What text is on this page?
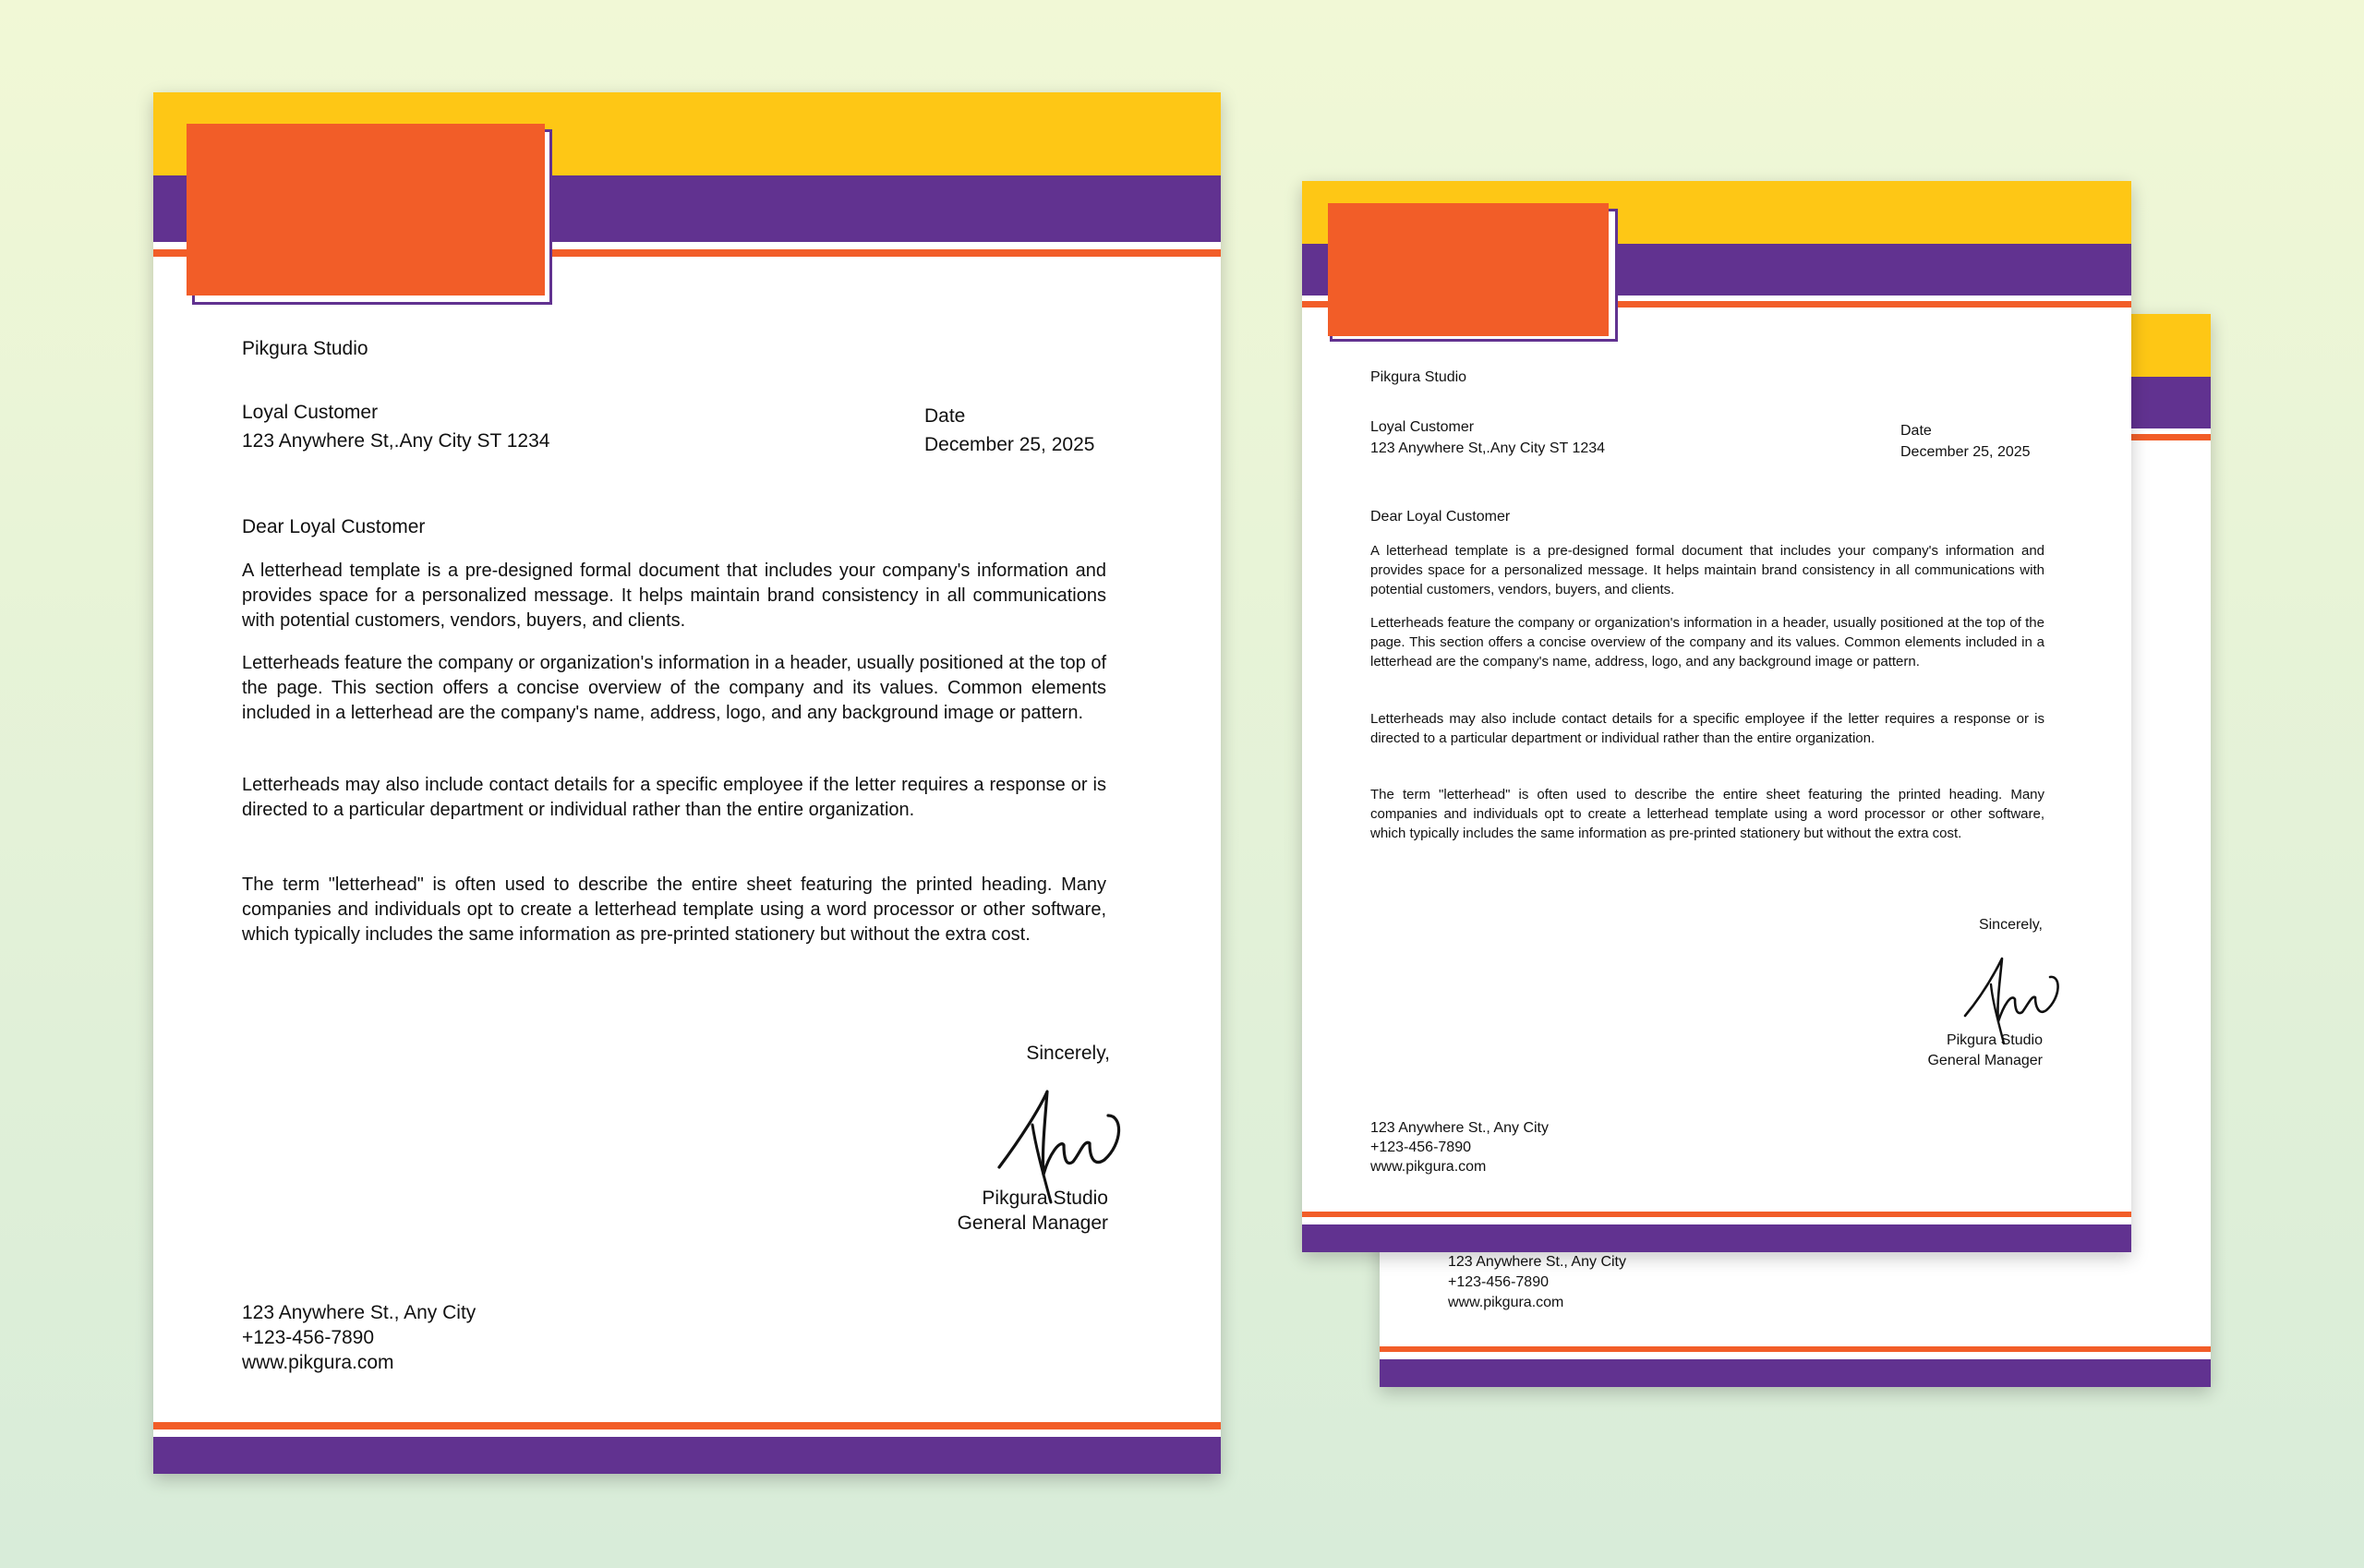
123 Anywhere St., Any City
+123-456-7890
www.pikgura.com
Pikgura Studio
Loyal Customer
123 Anywhere St,.Any City ST 1234
Date
December 25, 2025
Dear Loyal Customer
A letterhead template is a pre-designed formal document that includes your company's information and provides space for a personalized message. It helps maintain brand consistency in all communications with potential customers, vendors, buyers, and clients.
Letterheads feature the company or organization's information in a header, usually positioned at the top of the page. This section offers a concise overview of the company and its values. Common elements included in a letterhead are the company's name, address, logo, and any background image or pattern.
Letterheads may also include contact details for a specific employee if the letter requires a response or is directed to a particular department or individual rather than the entire organization.
The term "letterhead" is often used to describe the entire sheet featuring the printed heading. Many companies and individuals opt to create a letterhead template using a word processor or other software, which typically includes the same information as pre-printed stationery but without the extra cost.
Sincerely,
Pikgura Studio
General Manager
123 Anywhere St., Any City
+123-456-7890
www.pikgura.com
Pikgura Studio
Loyal Customer
123 Anywhere St,.Any City ST 1234
Date
December 25, 2025
Dear Loyal Customer
A letterhead template is a pre-designed formal document that includes your company's information and provides space for a personalized message. It helps maintain brand consistency in all communications with potential customers, vendors, buyers, and clients.
Letterheads feature the company or organization's information in a header, usually positioned at the top of the page. This section offers a concise overview of the company and its values. Common elements included in a letterhead are the company's name, address, logo, and any background image or pattern.
Letterheads may also include contact details for a specific employee if the letter requires a response or is directed to a particular department or individual rather than the entire organization.
The term "letterhead" is often used to describe the entire sheet featuring the printed heading. Many companies and individuals opt to create a letterhead template using a word processor or other software, which typically includes the same information as pre-printed stationery but without the extra cost.
Sincerely,
Pikgura Studio
General Manager
123 Anywhere St., Any City
+123-456-7890
www.pikgura.com
